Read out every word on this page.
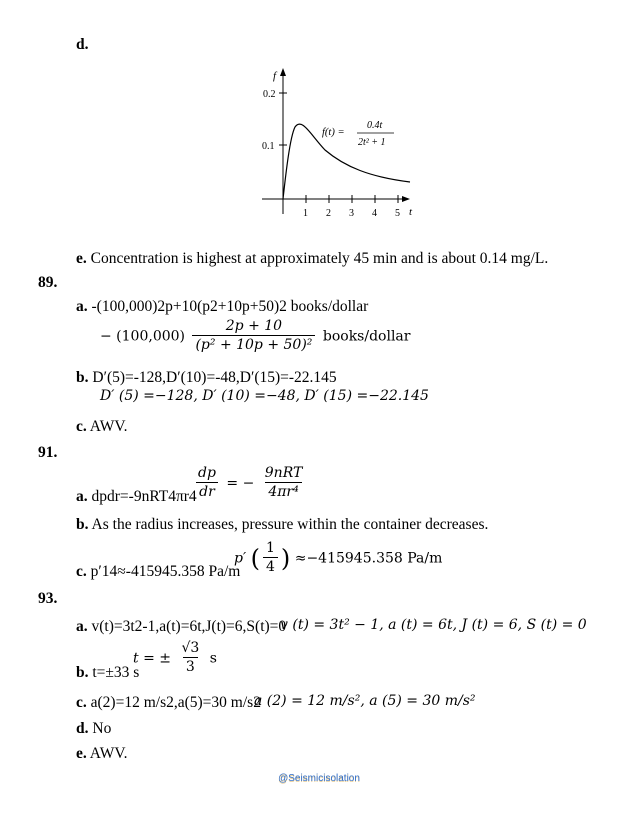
d.
0.2
0.1
f
1 2 3 4 5 t
f(t) =
0.4t
2t² + 1
e. Concentration is highest at approximately 45 min and is about 0.14 mg/L.
89.
a. -(100,000)2p+10(p2+10p+50)2 books/dollar
− $(100,000) \frac{2p + 10}{\text{(p² + 10p + 50)²}}$ books/dollar
b. D′(5)=-128,D′(10)=-48,D′(15)=-22.145
D′ (5) =−128, D′ (10) =−48, D′ (15) =−22.145
c. AWV.
91.
$\frac{dp}{dr}$ = − $\frac{\text{9nRT}}{\text{4πr⁴}}$
a. dpdr=-9nRT4πr4
b. As the radius increases, pressure within the container decreases.
p′ ( $\frac{1}{4}$ ) ≈−415945.358 Pa/m
c. p′14≈-415945.358 Pa/m
93.
a. v(t)=3t2-1,a(t)=6t,J(t)=6,S(t)=0
v (t) = 3t² − 1, a (t) = 6t, J (t) = 6, S (t) = 0
t = ± $\frac{√3}{3}$ s
b. t=±33 s
c. a(2)=12 m/s2,a(5)=30 m/s2
a (2) = 12 m/s², a (5) = 30 m/s²
d. No
e. AWV.
@Seismicisolation
